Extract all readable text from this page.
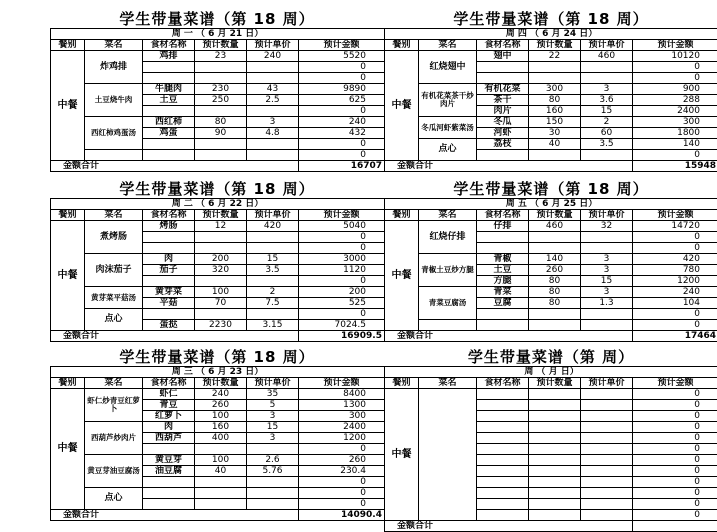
学生带量菜谱（第 18 周）
周 一 （ 6 月 21 日）					
餐别	菜名	食材名称	预计数量	预计单价	预计金额
中餐	炸鸡排	鸡排	23	240	5520
					0
					0
	土豆烧牛肉	牛腿肉	230	43	9890
		土豆	250	2.5	625
					0
	西红柿鸡蛋汤	西红柿	80	3	240
		鸡蛋	90	4.8	432
					0
					0
金额合计					16707
学生带量菜谱（第 18 周）
周 四 （ 6 月 24 日）					
餐别	菜名	食材名称	预计数量	预计单价	预计金额
中餐	红烧翅中	翅中	22	460	10120
					0
					0
	有机花菜茶干炒肉片	有机花菜	300	3	900
		茶干	80	3.6	288
		肉片	160	15	2400
	冬瓜河虾紫菜汤	冬瓜	150	2	300
		河虾	30	60	1800
	点心	荔枝	40	3.5	140
					0
金额合计					15948
学生带量菜谱（第 18 周）
周 二 （ 6 月 22 日）					
餐别	菜名	食材名称	预计数量	预计单价	预计金额
中餐	煮烤肠	烤肠	12	420	5040
					0
					0
	肉沫茄子	肉	200	15	3000
		茄子	320	3.5	1120
					0
	黄芽菜平菇汤	黄芽菜	100	2	200
		平菇	70	7.5	525
	点心				0
		蛋挞	2230	3.15	7024.5
金额合计					16909.5
学生带量菜谱（第 18 周）
周 五 （ 6 月 25 日）					
餐别	菜名	食材名称	预计数量	预计单价	预计金额
中餐	红烧仔排	仔排	460	32	14720
					0
					0
	青椒土豆炒方腿	青椒	140	3	420
		土豆	260	3	780
		方腿	80	15	1200
	青菜豆腐汤	青菜	80	3	240
		豆腐	80	1.3	104
					0
					0
金额合计					17464
学生带量菜谱（第 18 周）
周 三 （ 6 月 23 日）					
餐别	菜名	食材名称	预计数量	预计单价	预计金额
中餐	虾仁炒青豆红萝卜	虾仁	240	35	8400
		青豆	260	5	1300
		红萝卜	100	3	300
	西葫芦炒肉片	肉	160	15	2400
		西葫芦	400	3	1200
					0
	黄豆芽油豆腐汤	黄豆芽	100	2.6	260
		油豆腐	40	5.76	230.4
					0
	点心				0
					0
金额合计					14090.4
学生带量菜谱（第 周）
周 （ 月 日）					
餐别	菜名	食材名称	预计数量	预计单价	预计金额
中餐					0
					0
					0
					0
					0
					0
					0
					0
					0
					0
					0
					0
金额合计					
